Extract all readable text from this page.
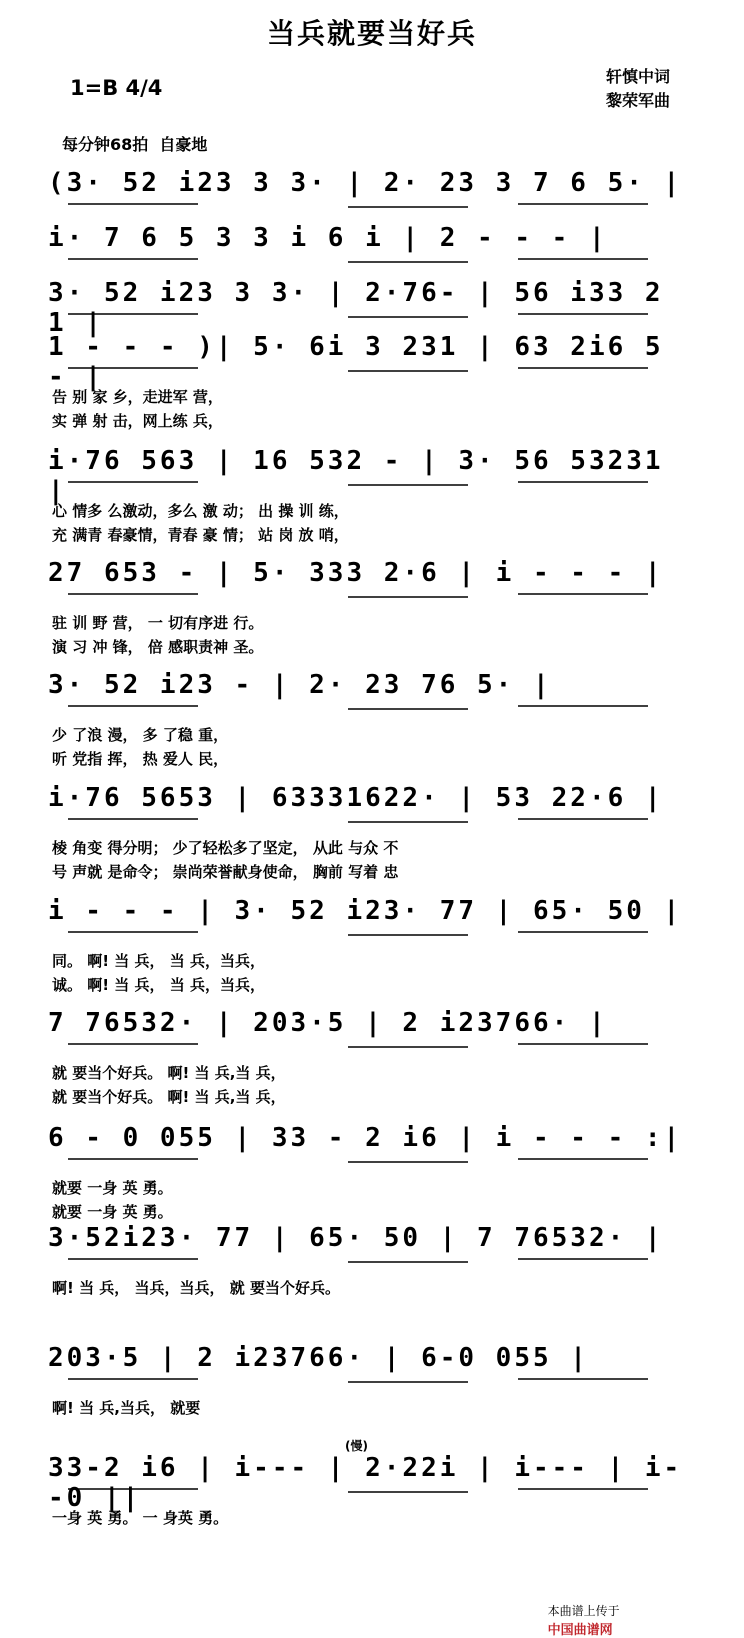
当兵就要当好兵
1=B 4/4	轩慎中词
黎荣军曲
每分钟68拍  自豪地
(3· 52 i23 3 3· | 2· 23 3 7 6 5· |
i· 7 6 5 3 3 i 6 i | 2 - - - |
3· 52 i23 3 3· | 2·76- | 56 i33 2 1 |
1 - - - )| 5· 6i 3 231 | 63 2i6 5 - |
告 别 家 乡，走进军 营，
实 弹 射 击，网上练 兵，
i·76 563 | 16 532 - | 3· 56 53231 |
心 情多 么激动，多么 激 动； 出 操 训 练，
充 满青 春豪情，青春 豪 情； 站 岗 放 哨，
27 653 - | 5· 333 2·6 | i - - - |
驻 训 野 营， 一 切有序进 行。
演 习 冲 锋， 倍 感职责神 圣。
3· 52 i23 - | 2· 23 76 5· |
少 了浪 漫， 多 了稳 重，
听 党指 挥， 热 爱人 民，
i·76 5653 | 63331622· | 53 22·6 |
棱 角变 得分明； 少了轻松多了坚定， 从此 与众 不
号 声就 是命令； 崇尚荣誉献身使命， 胸前 写着 忠
i - - - | 3· 52 i23· 77 | 65· 50 |
同。 啊! 当 兵， 当 兵，当兵，
诚。 啊! 当 兵， 当 兵，当兵，
7 76532· | 203·5 | 2 i23766· |
就 要当个好兵。 啊! 当 兵,当 兵，
就 要当个好兵。 啊! 当 兵,当 兵，
6 - 0 055 | 33 - 2 i6 | i - - - :|
就要 一身 英 勇。
就要 一身 英 勇。
3·52i23· 77 | 65· 50 | 7 76532· |
啊! 当 兵， 当兵，当兵， 就 要当个好兵。
203·5 | 2 i23766· | 6-0 055 |
啊! 当 兵,当兵， 就要
33-2 i6 | i--- | 2·22i | i--- | i--0 ||
一身 英 勇。 一 身英 勇。
(慢)

本曲谱上传于
中国曲谱网
